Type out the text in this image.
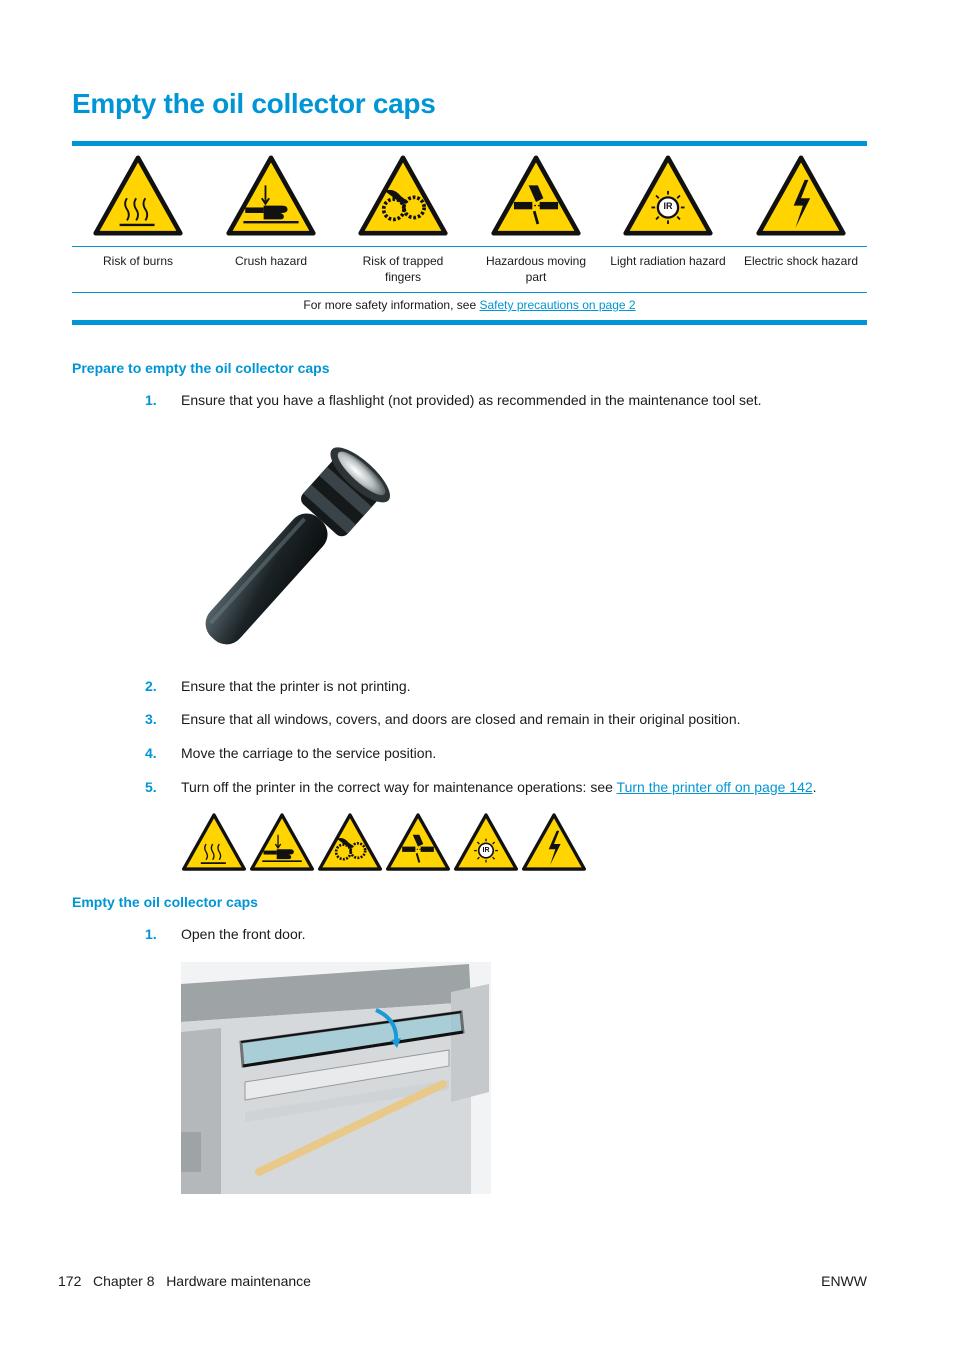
Empty the oil collector caps
IR
Risk of burns	Crush hazard	Risk of trapped fingers
Hazardous moving part
Light radiation hazard	Electric shock hazard
For more safety information, see Safety precautions on page 2
Prepare to empty the oil collector caps
1. Ensure that you have a flashlight (not provided) as recommended in the maintenance tool set.
2. Ensure that the printer is not printing.
3. Ensure that all windows, covers, and doors are closed and remain in their original position.
4. Move the carriage to the service position.
5. Turn off the printer in the correct way for maintenance operations: see Turn the printer off on page 142.
IR
Empty the oil collector caps
1. Open the front door.
172 Chapter 8 Hardware maintenance	ENWW
